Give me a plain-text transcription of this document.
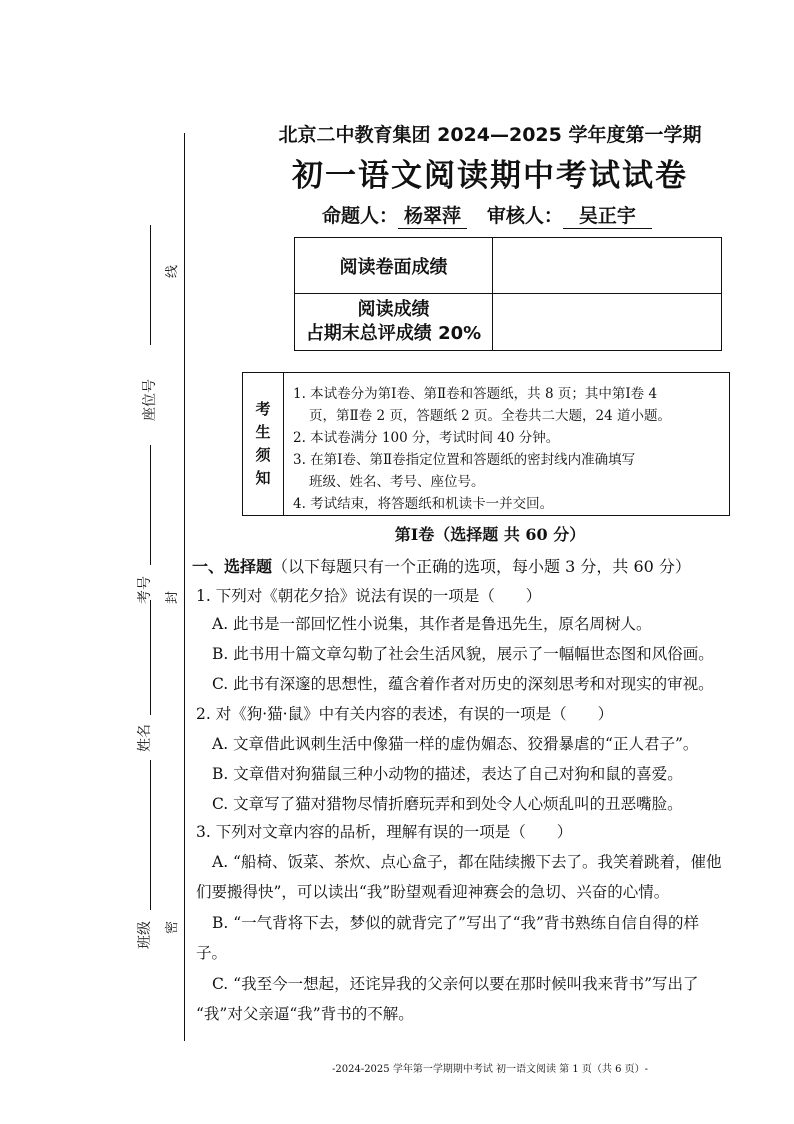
线
座位号
封
考号
姓名
密
班级
北京二中教育集团 2024—2025 学年度第一学期
初一语文阅读期中考试试卷
命题人： 杨翠萍 审核人： 吴正宇
阅读卷面成绩	

阅读成绩
占期末总评成绩 20%	

考
生
须
知
1. 本试卷分为第Ⅰ卷、第Ⅱ卷和答题纸，共 8 页；其中第Ⅰ卷 4
页，第Ⅱ卷 2 页，答题纸 2 页。全卷共二大题，24 道小题。
2. 本试卷满分 100 分，考试时间 40 分钟。
3. 在第Ⅰ卷、第Ⅱ卷指定位置和答题纸的密封线内准确填写
班级、姓名、考号、座位号。
4. 考试结束，将答题纸和机读卡一并交回。
第Ⅰ卷（选择题 共 60 分）
一、选择题（以下每题只有一个正确的选项，每小题 3 分，共 60 分）
1. 下列对《朝花夕拾》说法有误的一项是（　　）
A. 此书是一部回忆性小说集，其作者是鲁迅先生，原名周树人。
B. 此书用十篇文章勾勒了社会生活风貌，展示了一幅幅世态图和风俗画。
C. 此书有深邃的思想性，蕴含着作者对历史的深刻思考和对现实的审视。
2. 对《狗·猫·鼠》中有关内容的表述，有误的一项是（　　）
A. 文章借此讽刺生活中像猫一样的虚伪媚态、狡猾暴虐的“正人君子”。
B. 文章借对狗猫鼠三种小动物的描述，表达了自己对狗和鼠的喜爱。
C. 文章写了猫对猎物尽情折磨玩弄和到处令人心烦乱叫的丑恶嘴脸。
3. 下列对文章内容的品析，理解有误的一项是（　　）
A. “船椅、饭菜、茶炊、点心盒子，都在陆续搬下去了。我笑着跳着，催他
们要搬得快”，可以读出“我”盼望观看迎神赛会的急切、兴奋的心情。
B. “一气背将下去，梦似的就背完了”写出了“我”背书熟练自信自得的样
子。
C. “我至今一想起，还诧异我的父亲何以要在那时候叫我来背书”写出了
“我”对父亲逼“我”背书的不解。
-2024-2025 学年第一学期期中考试 初一语文阅读 第 1 页（共 6 页）-
